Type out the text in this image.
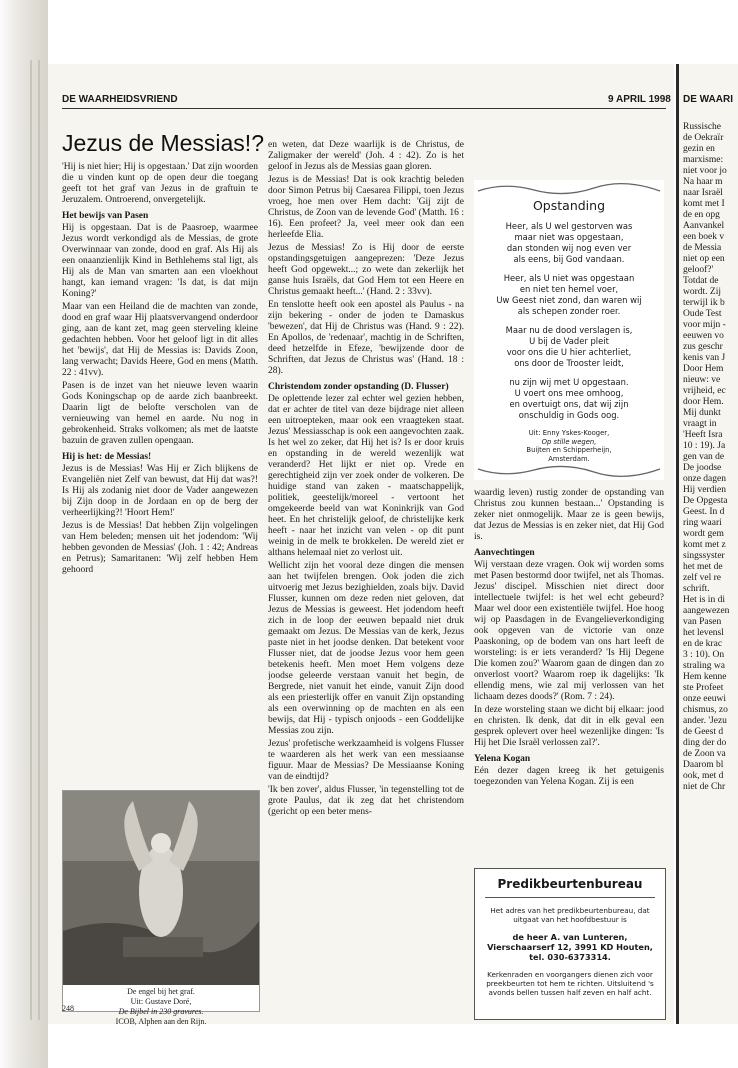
DE WAARHEIDSVRIEND	9 APRIL 1998
Jezus de Messias!?

'Hij is niet hier; Hij is opgestaan.' Dat zijn woorden die u vinden kunt op de open deur die toegang geeft tot het graf van Jezus in de graftuin te Jeruzalem. Ontroerend, onvergetelijk.

Het bewijs van Pasen

Hij is opgestaan. Dat is de Paasroep, waarmee Jezus wordt verkondigd als de Messias, de grote Overwinnaar van zonde, dood en graf. Als Hij als een onaanzienlijk Kind in Bethlehems stal ligt, als Hij als de Man van smarten aan een vloekhout hangt, kan iemand vragen: 'Is dat, is dat mijn Koning?'

Maar van een Heiland die de machten van zonde, dood en graf waar Hij plaatsvervangend onderdoor ging, aan de kant zet, mag geen sterveling kleine gedachten hebben. Voor het geloof ligt in dit alles het 'bewijs', dat Hij de Messias is: Davids Zoon, lang verwacht; Davids Heere, God en mens (Matth. 22 : 41vv).

Pasen is de inzet van het nieuwe leven waarin Gods Koningschap op de aarde zich baanbreekt. Daarin ligt de belofte verscholen van de vernieuwing van hemel en aarde. Nu nog in gebrokenheid. Straks volkomen; als met de laatste bazuin de graven zullen opengaan.

Hij is het: de Messias!

Jezus is de Messias! Was Hij er Zich blijkens de Evangeliën niet Zelf van bewust, dat Hij dat was?! Is Hij als zodanig niet door de Vader aangewezen bij Zijn doop in de Jordaan en op de berg der verheerlijking?! 'Hoort Hem!'

Jezus is de Messias! Dat hebben Zijn volgelingen van Hem beleden; mensen uit het jodendom: 'Wij hebben gevonden de Messias' (Joh. 1 : 42; Andreas en Petrus); Samaritanen: 'Wij zelf hebben Hem gehoord

De engel bij het graf.
Uit: Gustave Doré,
De Bijbel in 230 gravures.
ICOB, Alphen aan den Rijn.

en weten, dat Deze waarlijk is de Christus, de Zaligmaker der wereld' (Joh. 4 : 42). Zo is het geloof in Jezus als de Messias gaan gloren.

Jezus is de Messias! Dat is ook krachtig beleden door Simon Petrus bij Caesarea Filippi, toen Jezus vroeg, hoe men over Hem dacht: 'Gij zijt de Christus, de Zoon van de levende God' (Matth. 16 : 16). Een profeet? Ja, veel meer ook dan een herleefde Elia.

Jezus de Messias! Zo is Hij door de eerste opstandingsgetuigen aangeprezen: 'Deze Jezus heeft God opgewekt...; zo wete dan zekerlijk het ganse huis Israëls, dat God Hem tot een Heere en Christus gemaakt heeft...' (Hand. 2 : 33vv).

En tenslotte heeft ook een apostel als Paulus - na zijn bekering - onder de joden te Damaskus 'bewezen', dat Hij de Christus was (Hand. 9 : 22). En Apollos, de 'redenaar', machtig in de Schriften, deed hetzelfde in Efeze, 'bewijzende door de Schriften, dat Jezus de Christus was' (Hand. 18 : 28).

Christendom zonder opstanding (D. Flusser)

De oplettende lezer zal echter wel gezien hebben, dat er achter de titel van deze bijdrage niet alleen een uitroepteken, maar ook een vraagteken staat. Jezus' Messiasschap is ook een aangevochten zaak. Is het wel zo zeker, dat Hij het is? Is er door kruis en opstanding in de wereld wezenlijk wat veranderd? Het lijkt er niet op. Vrede en gerechtigheid zijn ver zoek onder de volkeren. De huidige stand van zaken - maatschappelijk, politiek, geestelijk/moreel - vertoont het omgekeerde beeld van wat Koninkrijk van God heet. En het christelijk geloof, de christelijke kerk heeft - naar het inzicht van velen - op dit punt weinig in de melk te brokkelen. De wereld ziet er althans helemaal niet zo verlost uit.

Wellicht zijn het vooral deze dingen die mensen aan het twijfelen brengen. Ook joden die zich uitvoerig met Jezus bezighielden, zoals bijv. David Flusser, kunnen om deze reden niet geloven, dat Jezus de Messias is geweest. Het jodendom heeft zich in de loop der eeuwen bepaald niet druk gemaakt om Jezus. De Messias van de kerk, Jezus paste niet in het joodse denken. Dat betekent voor Flusser niet, dat de joodse Jezus voor hem geen betekenis heeft. Men moet Hem volgens deze joodse geleerde verstaan vanuit het begin, de Bergrede, niet vanuit het einde, vanuit Zijn dood als een priesterlijk offer en vanuit Zijn opstanding als een overwinning op de machten en als een bewijs, dat Hij - typisch onjoods - een Goddelijke Messias zou zijn.

Jezus' profetische werkzaamheid is volgens Flusser te waarderen als het werk van een messiaanse figuur. Maar de Messias? De Messiaanse Koning van de eindtijd?

'Ik ben zover', aldus Flusser, 'in tegenstelling tot de grote Paulus, dat ik zeg dat het christendom (gericht op een beter mens-

Opstanding
Heer, als U wel gestorven was
maar niet was opgestaan,
dan stonden wij nog even ver
als eens, bij God vandaan.
Heer, als U niet was opgestaan
en niet ten hemel voer,
Uw Geest niet zond, dan waren wij
als schepen zonder roer.
Maar nu de dood verslagen is,
U bij de Vader pleit
voor ons die U hier achterliet,
ons door de Trooster leidt,
nu zijn wij met U opgestaan.
U voert ons mee omhoog,
en overtuigt ons, dat wij zijn
onschuldig in Gods oog.
Uit: Enny Yskes-Kooger,
Op stille wegen,
Buijten en Schipperheijn,
Amsterdam.

waardig leven) rustig zonder de opstanding van Christus zou kunnen bestaan...' Opstanding is zeker niet onmogelijk. Maar ze is geen bewijs, dat Jezus de Messias is en zeker niet, dat Hij God is.

Aanvechtingen

Wij verstaan deze vragen. Ook wij worden soms met Pasen bestormd door twijfel, net als Thomas. Jezus' discipel. Misschien niet direct door intellectuele twijfel: is het wel echt gebeurd? Maar wel door een existentiële twijfel. Hoe hoog wij op Paasdagen in de Evangelieverkondiging ook opgeven van de victorie van onze Paaskoning, op de bodem van ons hart leeft de worsteling: is er iets veranderd? 'Is Hij Degene Die komen zou?' Waarom gaan de dingen dan zo onverlost voort? Waarom roep ik dagelijks: 'Ik ellendig mens, wie zal mij verlossen van het lichaam dezes doods?' (Rom. 7 : 24).

In deze worsteling staan we dicht bij elkaar: jood en christen. Ik denk, dat dit in elk geval een gesprek oplevert over heel wezenlijke dingen: 'Is Hij het Die Israël verlossen zal?'.

Yelena Kogan

Eén dezer dagen kreeg ik het getuigenis toegezonden van Yelena Kogan. Zij is een

Predikbeurtenbureau
Het adres van het predikbeurtenbureau, dat uitgaat van het hoofdbestuur is
de heer A. van Lunteren,
Vierschaarserf 12, 3991 KD Houten,
tel. 030-6373314.
Kerkenraden en voorgangers dienen zich voor preekbeurten tot hem te richten. Uitsluitend 's avonds bellen tussen half zeven en half acht.
248
DE WAARI
Russische
de Oekraïr
gezin en
marxisme:
niet voor jo
Na haar m
naar Israël
komt met I
de en opg
Aanvankel
een boek v
de Messia
niet op een
geloof?'
Totdat de
wordt. Zij
terwijl ik b
Oude Test
voor mijn -
eeuwen vo
zus geschr
kenis van J
Door Hem
nieuw: ve
vrijheid, ec
door Hem.
Mij dunkt
vraagt in
'Heeft Isra
10 : 19). Ja
gen van de
De joodse
onze dagen
Hij verdien
De Opgesta
Geest. In d
ring waari
wordt gem
komt met z
singssyster
het met de
zelf vel re
schrift.
Het is in di
aangewezen
van Pasen
het levensl
en de krac
3 : 10). On
straling wa
Hem kenne
ste Profeet
onze eeuwi
chismus, zo
ander. 'Jezu
de Geest d
ding der do
de Zoon va
Daarom bl
ook, met d
niet de Chr
